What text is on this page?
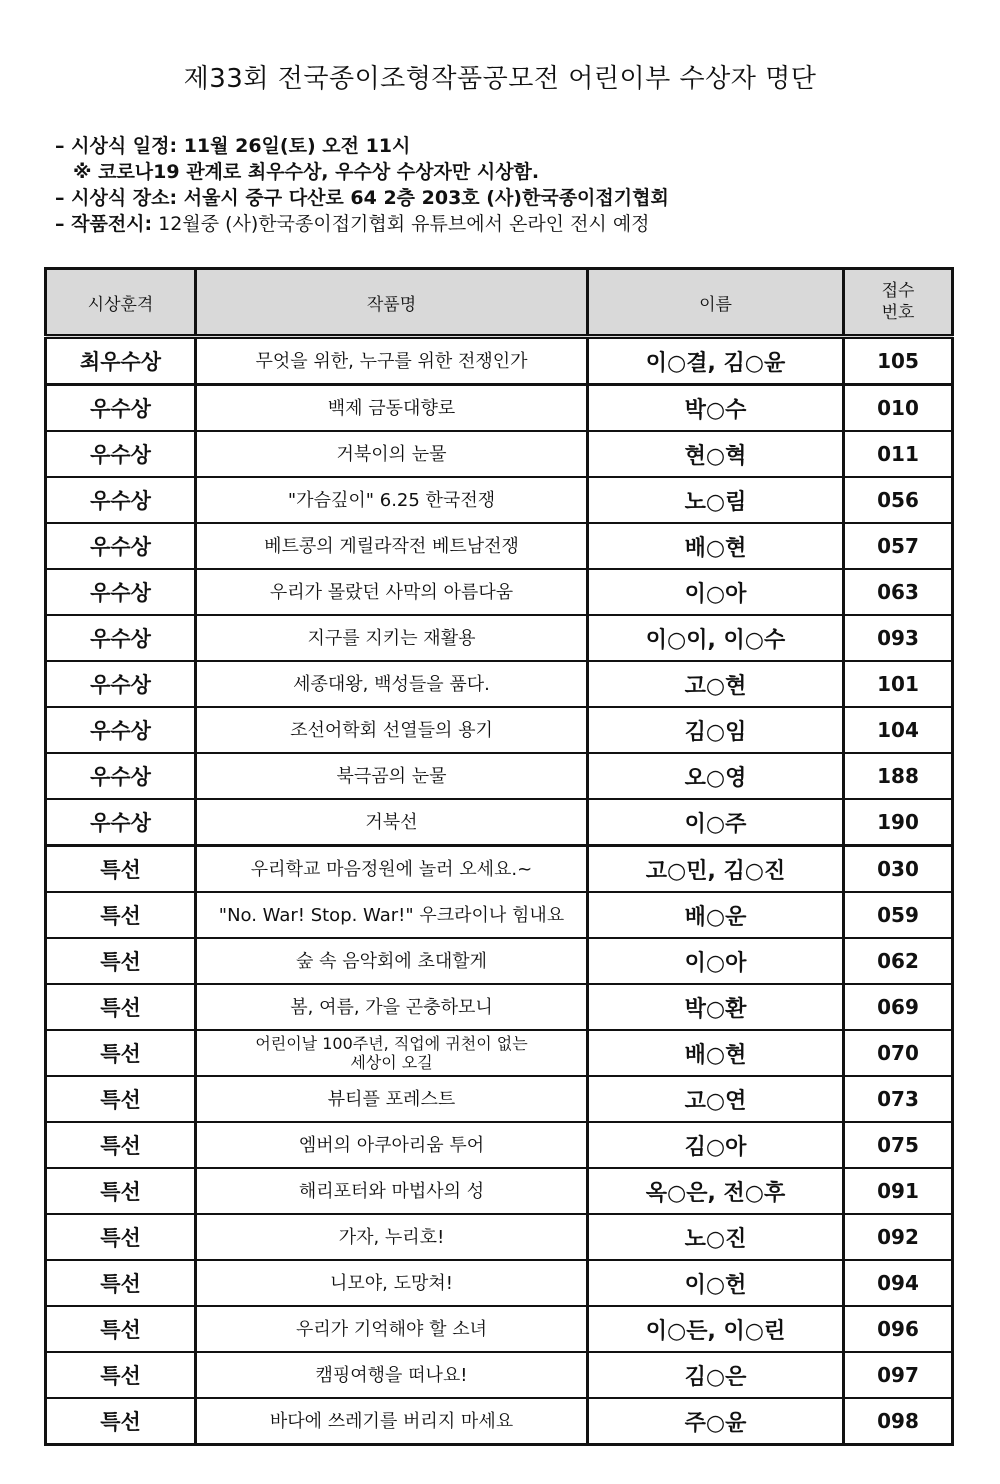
제33회 전국종이조형작품공모전 어린이부 수상자 명단
– 시상식 일정: 11월 26일(토) 오전 11시
※ 코로나19 관계로 최우수상, 우수상 수상자만 시상함.
– 시상식 장소: 서울시 중구 다산로 64 2층 203호 (사)한국종이접기협회
– 작품전시: 12월중 (사)한국종이접기협회 유튜브에서 온라인 전시 예정
시상훈격	작품명	이름	접수
번호
최우수상	무엇을 위한, 누구를 위한 전쟁인가	이○결, 김○윤	105
우수상	백제 금동대향로	박○수	010
우수상	거북이의 눈물	현○혁	011
우수상	"가슴깊이" 6.25 한국전쟁	노○림	056
우수상	베트콩의 게릴라작전 베트남전쟁	배○현	057
우수상	우리가 몰랐던 사막의 아름다움	이○아	063
우수상	지구를 지키는 재활용	이○이, 이○수	093
우수상	세종대왕, 백성들을 품다.	고○현	101
우수상	조선어학회 선열들의 용기	김○임	104
우수상	북극곰의 눈물	오○영	188
우수상	거북선	이○주	190
특선	우리학교 마음정원에 놀러 오세요.~	고○민, 김○진	030
특선	"No. War! Stop. War!" 우크라이나 힘내요	배○운	059
특선	숲 속 음악회에 초대할게	이○아	062
특선	봄, 여름, 가을 곤충하모니	박○환	069
특선	어린이날 100주년, 직업에 귀천이 없는
세상이 오길	배○현	070
특선	뷰티플 포레스트	고○연	073
특선	엠버의 아쿠아리움 투어	김○아	075
특선	해리포터와 마법사의 성	옥○은, 전○후	091
특선	가자, 누리호!	노○진	092
특선	니모야, 도망쳐!	이○헌	094
특선	우리가 기억해야 할 소녀	이○든, 이○린	096
특선	캠핑여행을 떠나요!	김○은	097
특선	바다에 쓰레기를 버리지 마세요	주○윤	098
